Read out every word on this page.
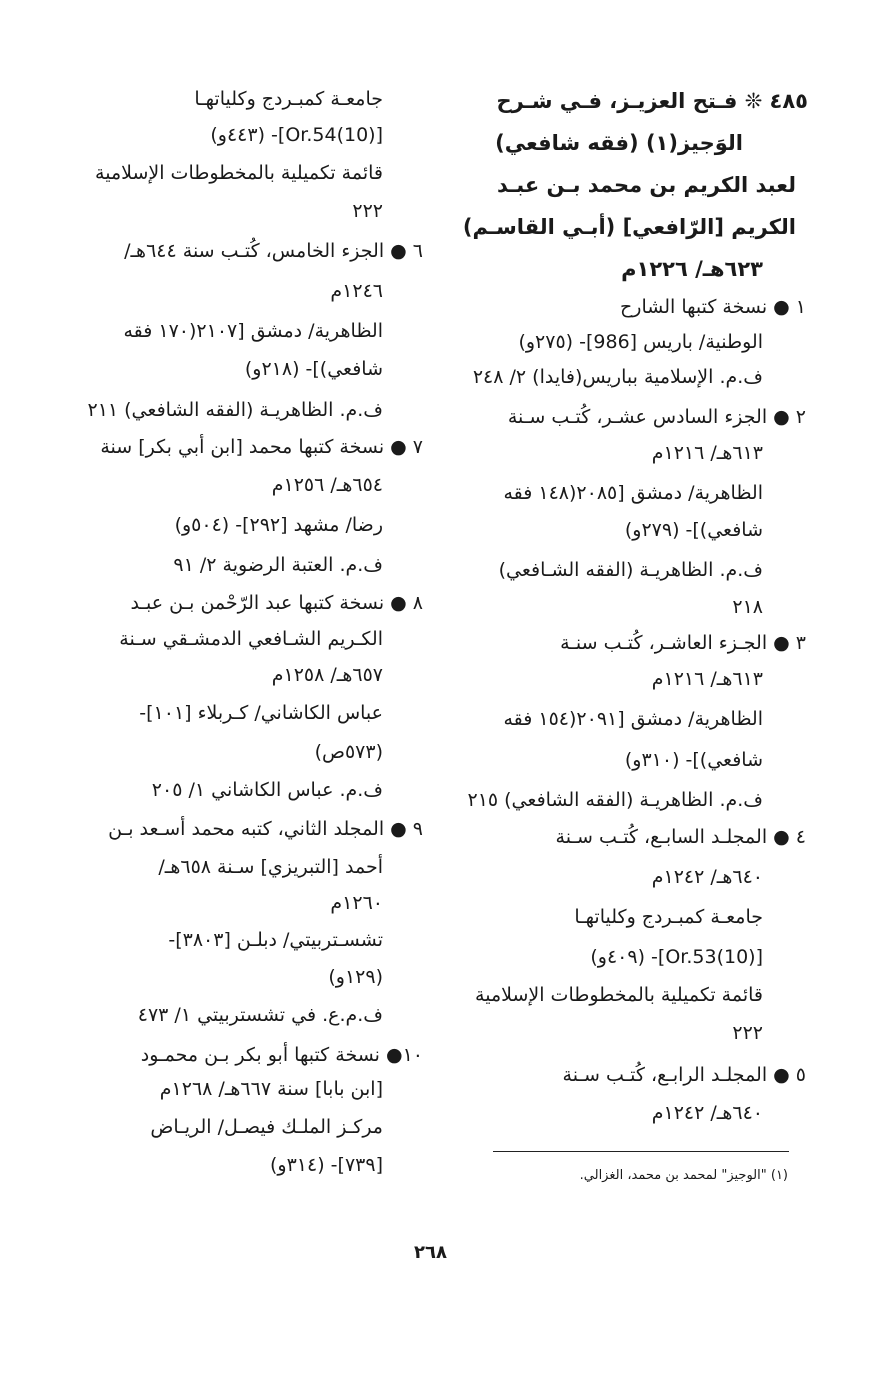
٤٨٥ ❊ فـتح العزيـز، فـي شـرح
الوَجيز(١) (فقه شافعي)
لعبد الكريم بن محمد بـن عبـد
الكريم [الرّافعي] (أبـي القاسـم)
٦٢٣هـ/ ١٢٢٦م
١ ● نسخة كتبها الشارح
الوطنية/ باريس [986]- (٢٧٥و)
ف.م. الإسلامية بباريس(فايدا) ٢/ ٢٤٨
٢ ● الجزء السادس عشـر، كُتـب سـنة
٦١٣هـ/ ١٢١٦م
الظاهرية/ دمشق [٢٠٨٥(١٤٨ فقه
شافعي)]- (٢٧٩و)
ف.م. الظاهريـة (الفقه الشـافعي)
٢١٨
٣ ● الجـزء العاشـر، كُتـب سنـة
٦١٣هـ/ ١٢١٦م
الظاهرية/ دمشق [٢٠٩١(١٥٤ فقه
شافعي)]- (٣١٠و)
ف.م. الظاهريـة (الفقه الشافعي) ٢١٥
٤ ● المجلـد السابـع، كُتـب سـنة
٦٤٠هـ/ ١٢٤٢م
جامعـة كمبـردج وكلياتهـا
[Or.53(10)]- (٤٠٩و)
قائمة تكميلية بالمخطوطات الإسلامية
٢٢٢
٥ ● المجلـد الرابـع، كُتـب سـنة
٦٤٠هـ/ ١٢٤٢م
جامعـة كمبـردج وكلياتهـا
[Or.54(10)]- (٤٤٣و)
قائمة تكميلية بالمخطوطات الإسلامية
٢٢٢
٦ ● الجزء الخامس، كُتـب سنة ٦٤٤هـ/
١٢٤٦م
الظاهرية/ دمشق [٢١٠٧(١٧٠ فقه
شافعي)]- (٢١٨و)
ف.م. الظاهريـة (الفقه الشافعي) ٢١١
٧ ● نسخة كتبها محمد [ابن أبي بكر] سنة
٦٥٤هـ/ ١٢٥٦م
رضا/ مشهد [٢٩٢]- (٥٠٤و)
ف.م. العتبة الرضوية ٢/ ٩١
٨ ● نسخة كتبها عبد الرّحْمن بـن عبـد
الكـريم الشـافعي الدمشـقي سـنة
٦٥٧هـ/ ١٢٥٨م
عباس الكاشاني/ كـربلاء [١٠١]-
(٥٧٣ص)
ف.م. عباس الكاشاني ١/ ٢٠٥
٩ ● المجلد الثاني، كتبه محمد أسـعد بـن
أحمد [التبريزي] سـنة ٦٥٨هـ/
١٢٦٠م
تشسـتربيتي/ دبلـن [٣٨٠٣]-
(١٢٩و)
ف.م.ع. في تشستربيتي ١/ ٤٧٣
١٠● نسخة كتبها أبو بكر بـن محمـود
[ابن بابا] سنة ٦٦٧هـ/ ١٢٦٨م
مركـز الملـك فيصـل/ الريـاض
[٧٣٩]- (٣١٤و)	(١) "الوجيز" لمحمد بن محمد، الغزالي.
٢٦٨
